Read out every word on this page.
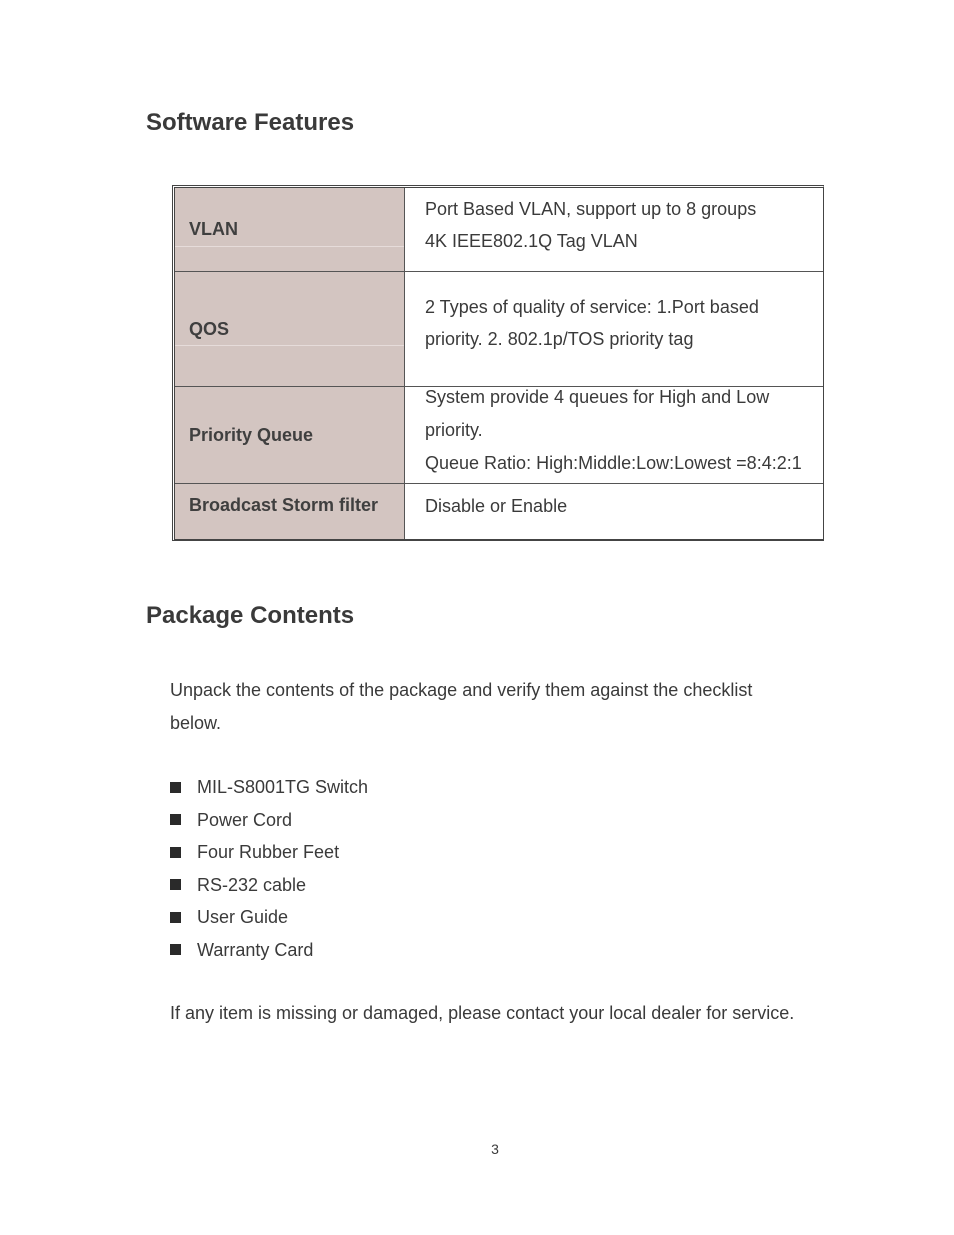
Software Features
VLAN
Port Based VLAN, support up to 8 groups
4K IEEE802.1Q Tag VLAN
QOS
2 Types of quality of service: 1.Port based
priority. 2. 802.1p/TOS priority tag
Priority Queue
System provide 4 queues for High and Low
priority.
Queue Ratio: High:Middle:Low:Lowest =8:4:2:1
Broadcast Storm filter	Disable or Enable
Package Contents
Unpack the contents of the package and verify them against the checklist
below.
MIL-S8001TG Switch
Power Cord
Four Rubber Feet
RS-232 cable
User Guide
Warranty Card

If any item is missing or damaged, please contact your local dealer for service.

3
